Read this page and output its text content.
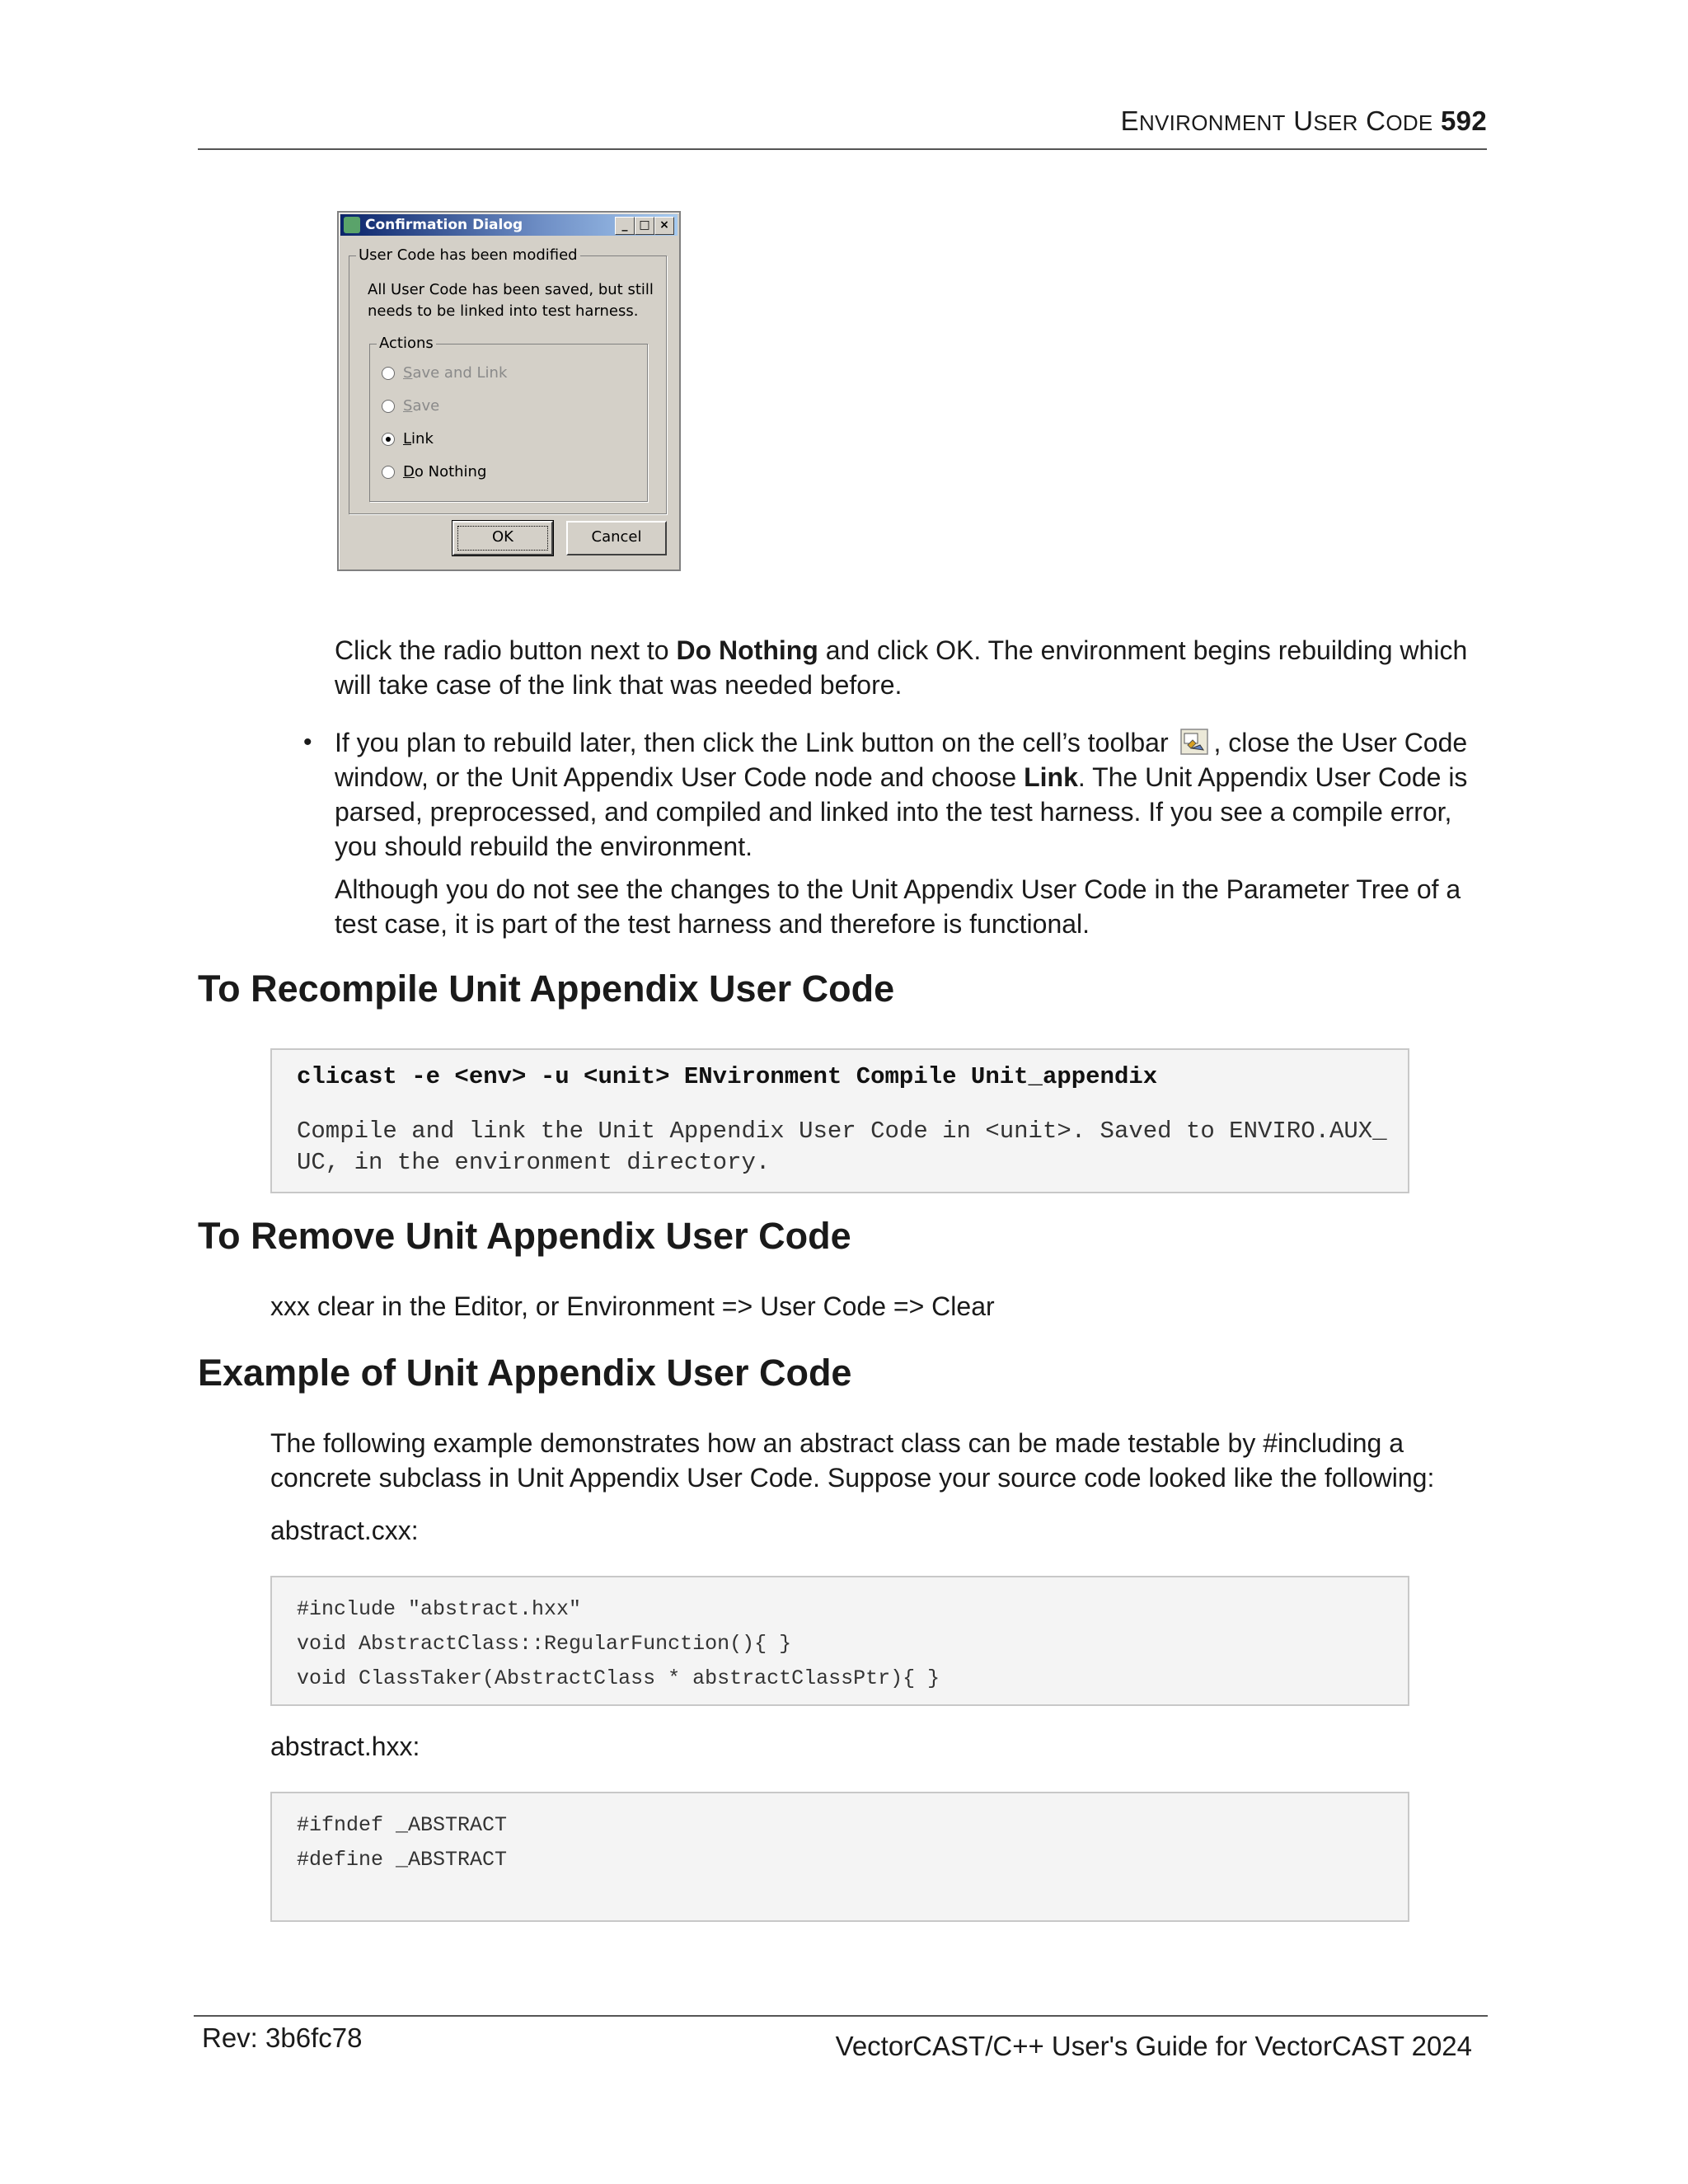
ENVIRONMENT USER CODE 592
Confirmation Dialog	_ □ ×
User Code has been modified
All User Code has been saved, but still needs to be linked into test harness.
Actions
Save and Link
Save
Link
Do Nothing
OK	Cancel
Click the radio button next to Do Nothing and click OK. The environment begins rebuilding which
will take case of the link that was needed before.
• If you plan to rebuild later, then click the Link button on the cell’s toolbar , close the User Code
window, or the Unit Appendix User Code node and choose Link. The Unit Appendix User Code is
parsed, preprocessed, and compiled and linked into the test harness. If you see a compile error,
you should rebuild the environment.
Although you do not see the changes to the Unit Appendix User Code in the Parameter Tree of a
test case, it is part of the test harness and therefore is functional.
To Recompile Unit Appendix User Code
clicast -e <env> -u <unit> ENvironment Compile Unit_appendix
Compile and link the Unit Appendix User Code in <unit>. Saved to ENVIRO.AUX_
UC, in the environment directory.
To Remove Unit Appendix User Code
xxx clear in the Editor, or Environment => User Code => Clear
Example of Unit Appendix User Code
The following example demonstrates how an abstract class can be made testable by #including a
concrete subclass in Unit Appendix User Code. Suppose your source code looked like the following:
abstract.cxx:
#include "abstract.hxx"
void AbstractClass::RegularFunction(){ }
void ClassTaker(AbstractClass * abstractClassPtr){ }
abstract.hxx:
#ifndef _ABSTRACT
#define _ABSTRACT
Rev: 3b6fc78	VectorCAST/C++ User's Guide for VectorCAST 2024
